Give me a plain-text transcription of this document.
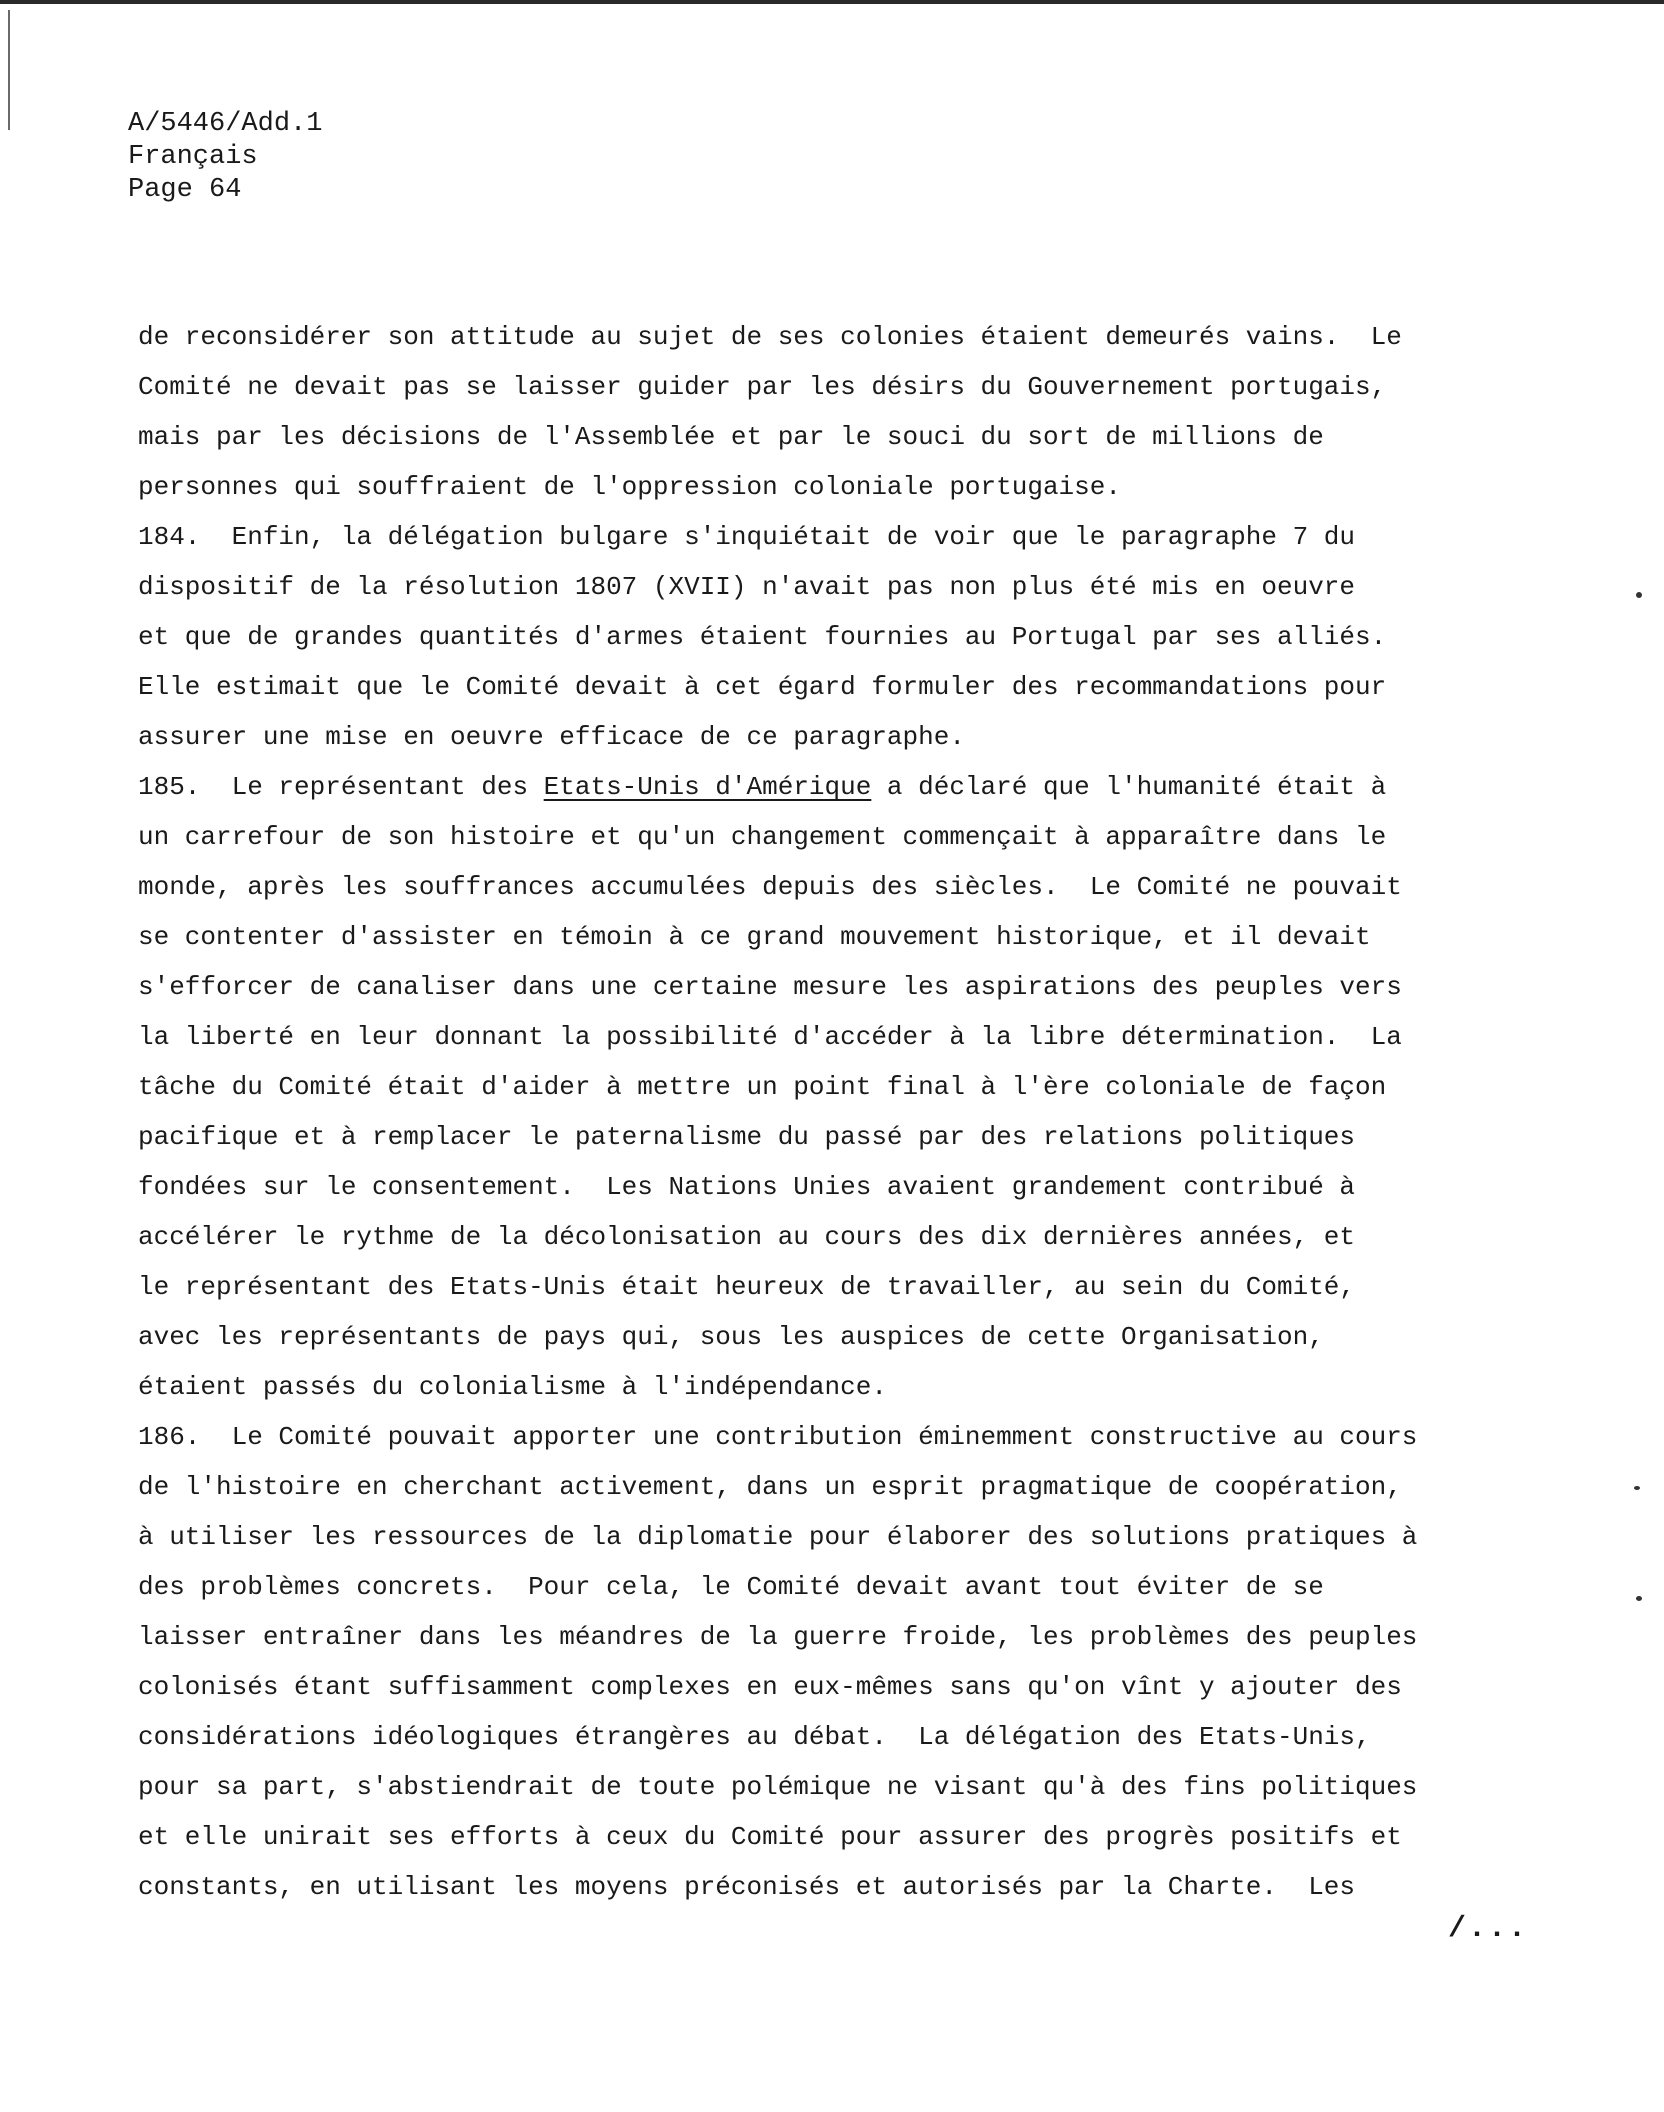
A/5446/Add.1
Français
Page 64
de reconsidérer son attitude au sujet de ses colonies étaient demeurés vains.  Le
Comité ne devait pas se laisser guider par les désirs du Gouvernement portugais,
mais par les décisions de l'Assemblée et par le souci du sort de millions de
personnes qui souffraient de l'oppression coloniale portugaise.
184.  Enfin, la délégation bulgare s'inquiétait de voir que le paragraphe 7 du
dispositif de la résolution 1807 (XVII) n'avait pas non plus été mis en oeuvre
et que de grandes quantités d'armes étaient fournies au Portugal par ses alliés.
Elle estimait que le Comité devait à cet égard formuler des recommandations pour
assurer une mise en oeuvre efficace de ce paragraphe.
185.  Le représentant des Etats-Unis d'Amérique a déclaré que l'humanité était à
un carrefour de son histoire et qu'un changement commençait à apparaître dans le
monde, après les souffrances accumulées depuis des siècles.  Le Comité ne pouvait
se contenter d'assister en témoin à ce grand mouvement historique, et il devait
s'efforcer de canaliser dans une certaine mesure les aspirations des peuples vers
la liberté en leur donnant la possibilité d'accéder à la libre détermination.  La
tâche du Comité était d'aider à mettre un point final à l'ère coloniale de façon
pacifique et à remplacer le paternalisme du passé par des relations politiques
fondées sur le consentement.  Les Nations Unies avaient grandement contribué à
accélérer le rythme de la décolonisation au cours des dix dernières années, et
le représentant des Etats-Unis était heureux de travailler, au sein du Comité,
avec les représentants de pays qui, sous les auspices de cette Organisation,
étaient passés du colonialisme à l'indépendance.
186.  Le Comité pouvait apporter une contribution éminemment constructive au cours
de l'histoire en cherchant activement, dans un esprit pragmatique de coopération,
à utiliser les ressources de la diplomatie pour élaborer des solutions pratiques à
des problèmes concrets.  Pour cela, le Comité devait avant tout éviter de se
laisser entraîner dans les méandres de la guerre froide, les problèmes des peuples
colonisés étant suffisamment complexes en eux-mêmes sans qu'on vînt y ajouter des
considérations idéologiques étrangères au débat.  La délégation des Etats-Unis,
pour sa part, s'abstiendrait de toute polémique ne visant qu'à des fins politiques
et elle unirait ses efforts à ceux du Comité pour assurer des progrès positifs et
constants, en utilisant les moyens préconisés et autorisés par la Charte.  Les
/...
